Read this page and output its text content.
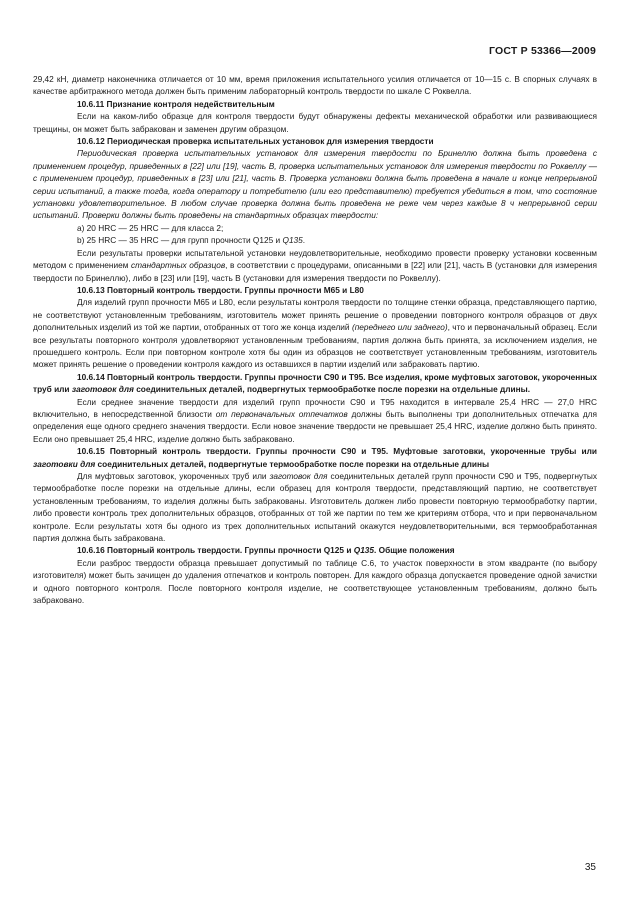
ГОСТ Р 53366—2009

29,42 кН, диаметр наконечника отличается от 10 мм, время приложения испытательного усилия отличается от 10—15 с. В спорных случаях в качестве арбитражного метода должен быть применим лабораторный контроль твердости по шкале С Роквелла.

10.6.11 Признание контроля недействительным

Если на каком-либо образце для контроля твердости будут обнаружены дефекты механической обработки или развивающиеся трещины, он может быть забракован и заменен другим образцом.

10.6.12 Периодическая проверка испытательных установок для измерения твердости

Периодическая проверка испытательных установок для измерения твердости по Бринеллю должна быть проведена с применением процедур, приведенных в [22] или [19], часть В, проверка испытательных установок для измерения твердости по Роквеллу — с применением процедур, приведенных в [23] или [21], часть В. Проверка установки должна быть проведена в начале и конце непрерывной серии испытаний, а также тогда, когда оператору и потребителю (или его представителю) требуется убедиться в том, что состояние установки удовлетворительное. В любом случае проверка должна быть проведена не реже чем через каждые 8 ч непрерывной серии испытаний. Проверки должны быть проведены на стандартных образцах твердости:

a) 20 HRC — 25 HRC — для класса 2;

b) 25 HRC — 35 HRC — для групп прочности Q125 и Q135.

Если результаты проверки испытательной установки неудовлетворительные, необходимо провести проверку установки косвенным методом с применением стандартных образцов, в соответствии с процедурами, описанными в [22] или [21], часть В (установки для измерения твердости по Бринеллю), либо в [23] или [19], часть В (установки для измерения твердости по Роквеллу).

10.6.13 Повторный контроль твердости. Группы прочности М65 и L80

Для изделий групп прочности М65 и L80, если результаты контроля твердости по толщине стенки образца, представляющего партию, не соответствуют установленным требованиям, изготовитель может принять решение о проведении повторного контроля образцов от двух дополнительных изделий из той же партии, отобранных от того же конца изделий (переднего или заднего), что и первоначальный образец. Если все результаты повторного контроля удовлетворяют установленным требованиям, партия должна быть принята, за исключением изделия, не прошедшего контроль. Если при повторном контроле хотя бы один из образцов не соответствует установленным требованиям, изготовитель может принять решение о проведении контроля каждого из оставшихся в партии изделий или забраковать партию.

10.6.14 Повторный контроль твердости. Группы прочности С90 и Т95. Все изделия, кроме муфтовых заготовок, укороченных труб или заготовок для соединительных деталей, подвергнутых термообработке после порезки на отдельные длины.

Если среднее значение твердости для изделий групп прочности С90 и Т95 находится в интервале 25,4 HRC — 27,0 HRC включительно, в непосредственной близости от первоначальных отпечатков должны быть выполнены три дополнительных отпечатка для определения еще одного среднего значения твердости. Если новое значение твердости не превышает 25,4 HRC, изделие должно быть принято. Если оно превышает 25,4 HRC, изделие должно быть забраковано.

10.6.15 Повторный контроль твердости. Группы прочности С90 и Т95. Муфтовые заготовки, укороченные трубы или заготовки для соединительных деталей, подвергнутые термообработке после порезки на отдельные длины

Для муфтовых заготовок, укороченных труб или заготовок для соединительных деталей групп прочности С90 и Т95, подвергнутых термообработке после порезки на отдельные длины, если образец для контроля твердости, представляющий партию, не соответствует установленным требованиям, то изделия должны быть забракованы. Изготовитель должен либо провести повторную термообработку партии, либо провести контроль трех дополнительных образцов, отобранных от той же партии по тем же критериям отбора, что и при первоначальном контроле. Если результаты хотя бы одного из трех дополнительных испытаний окажутся неудовлетворительными, вся термообработанная партия должна быть забракована.

10.6.16 Повторный контроль твердости. Группы прочности Q125 и Q135. Общие положения

Если разброс твердости образца превышает допустимый по таблице С.6, то участок поверхности в этом квадранте (по выбору изготовителя) может быть зачищен до удаления отпечатков и контроль повторен. Для каждого образца допускается проведение одной зачистки и одного повторного контроля. После повторного контроля изделие, не соответствующее установленным требованиям, должно быть забраковано.

35
